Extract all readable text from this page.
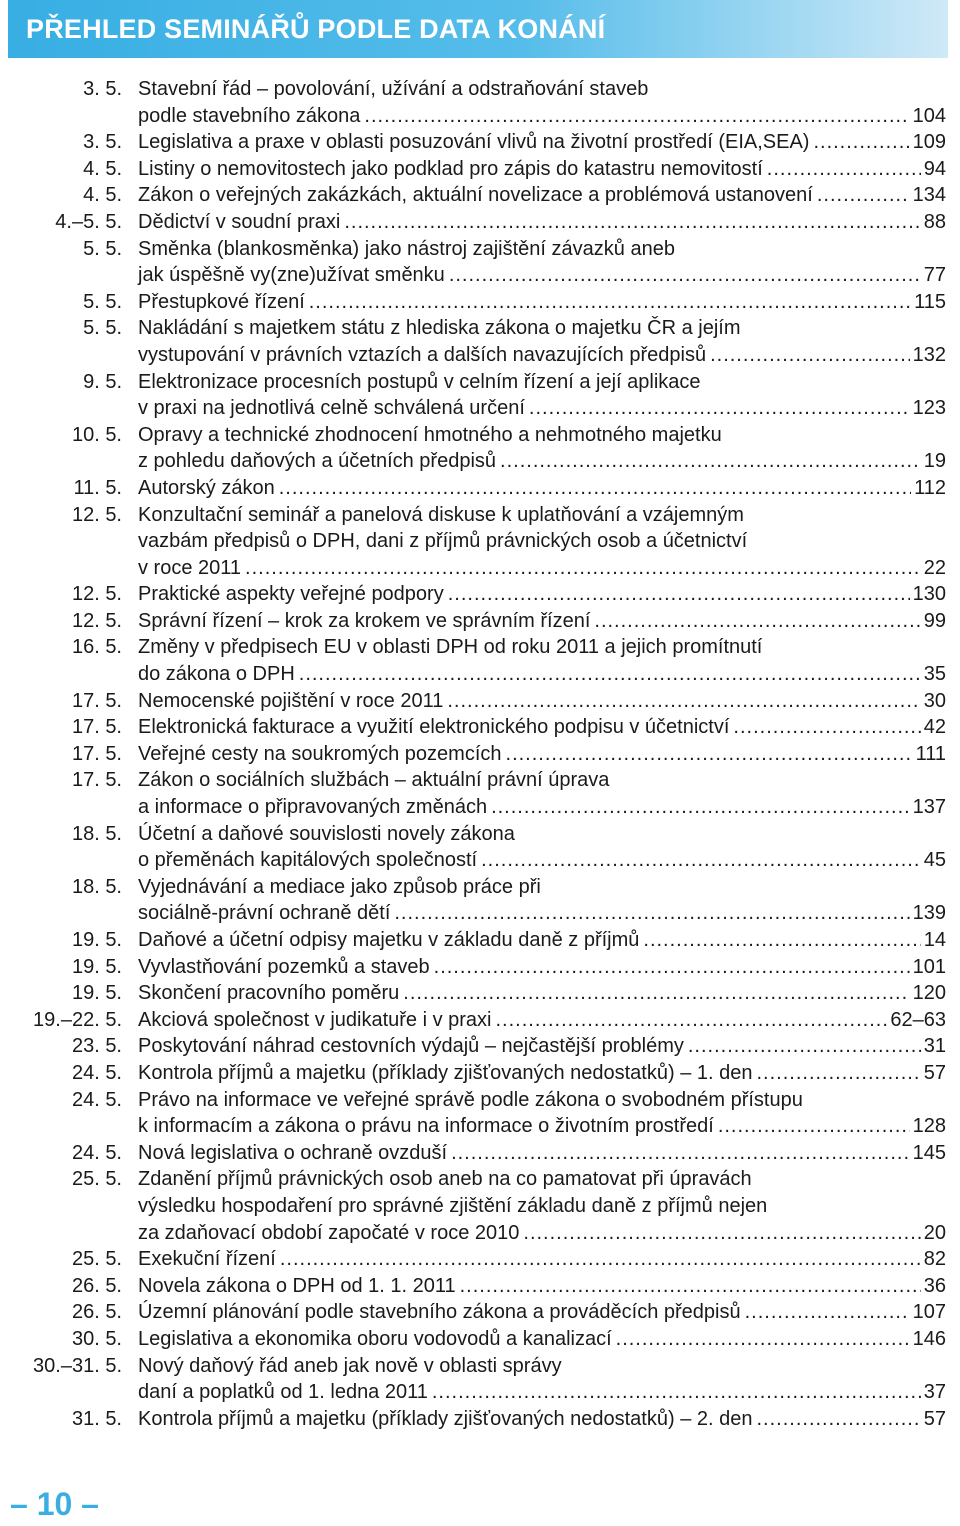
PŘEHLED SEMINÁŘŮ PODLE DATA KONÁNÍ
3. 5. Stavební řád – povolování, užívání a odstraňování staveb
podle stavebního zákona .....	104
3. 5. Legislativa a praxe v oblasti posuzování vlivů na životní prostředí (EIA,SEA) .....	109
4. 5. Listiny o nemovitostech jako podklad pro zápis do katastru nemovitostí .....	94
4. 5. Zákon o veřejných zakázkách, aktuální novelizace a problémová ustanovení .....	134
4.–5. 5. Dědictví v soudní praxi .....	88
5. 5. Směnka (blankosměnka) jako nástroj zajištění závazků aneb
jak úspěšně vy(zne)užívat směnku .....	77
5. 5. Přestupkové řízení .....	115
5. 5. Nakládání s majetkem státu z hlediska zákona o majetku ČR a jejím
vystupování v právních vztazích a dalších navazujících předpisů .....	132
9. 5. Elektronizace procesních postupů v celním řízení a její aplikace
v praxi na jednotlivá celně schválená určení .....	123
10. 5. Opravy a technické zhodnocení hmotného a nehmotného majetku
z pohledu daňových a účetních předpisů .....	19
11. 5. Autorský zákon .....	112
12. 5. Konzultační seminář a panelová diskuse k uplatňování a vzájemným
vazbám předpisů o DPH, dani z příjmů právnických osob a účetnictví
v roce 2011 .....	22
12. 5. Praktické aspekty veřejné podpory .....	130
12. 5. Správní řízení – krok za krokem ve správním řízení .....	99
16. 5. Změny v předpisech EU v oblasti DPH od roku 2011 a jejich promítnutí
do zákona o DPH .....	35
17. 5. Nemocenské pojištění v roce 2011 .....	30
17. 5. Elektronická fakturace a využití elektronického podpisu v účetnictví .....	42
17. 5. Veřejné cesty na soukromých pozemcích .....	111
17. 5. Zákon o sociálních službách – aktuální právní úprava
a informace o připravovaných změnách .....	137
18. 5. Účetní a daňové souvislosti novely zákona
o přeměnách kapitálových společností .....	45
18. 5. Vyjednávání a mediace jako způsob práce při
sociálně-právní ochraně dětí .....	139
19. 5. Daňové a účetní odpisy majetku v základu daně z příjmů .....	14
19. 5. Vyvlastňování pozemků a staveb .....	101
19. 5. Skončení pracovního poměru .....	120
19.–22. 5. Akciová společnost v judikatuře i v praxi .....	62–63
23. 5. Poskytování náhrad cestovních výdajů – nejčastější problémy .....	31
24. 5. Kontrola příjmů a majetku (příklady zjišťovaných nedostatků) – 1. den .....	57
24. 5. Právo na informace ve veřejné správě podle zákona o svobodném přístupu
k informacím a zákona o právu na informace o životním prostředí .....	128
24. 5. Nová legislativa o ochraně ovzduší .....	145
25. 5. Zdanění příjmů právnických osob aneb na co pamatovat při úpravách
výsledku hospodaření pro správné zjištění základu daně z příjmů nejen
za zdaňovací období započaté v roce 2010 .....	20
25. 5. Exekuční řízení .....	82
26. 5. Novela zákona o DPH od 1. 1. 2011 .....	36
26. 5. Územní plánování podle stavebního zákona a prováděcích předpisů .....	107
30. 5. Legislativa a ekonomika oboru vodovodů a kanalizací .....	146
30.–31. 5. Nový daňový řád aneb jak nově v oblasti správy
daní a poplatků od 1. ledna 2011 .....	37
31. 5. Kontrola příjmů a majetku (příklady zjišťovaných nedostatků) – 2. den .....	57
– 10 –
